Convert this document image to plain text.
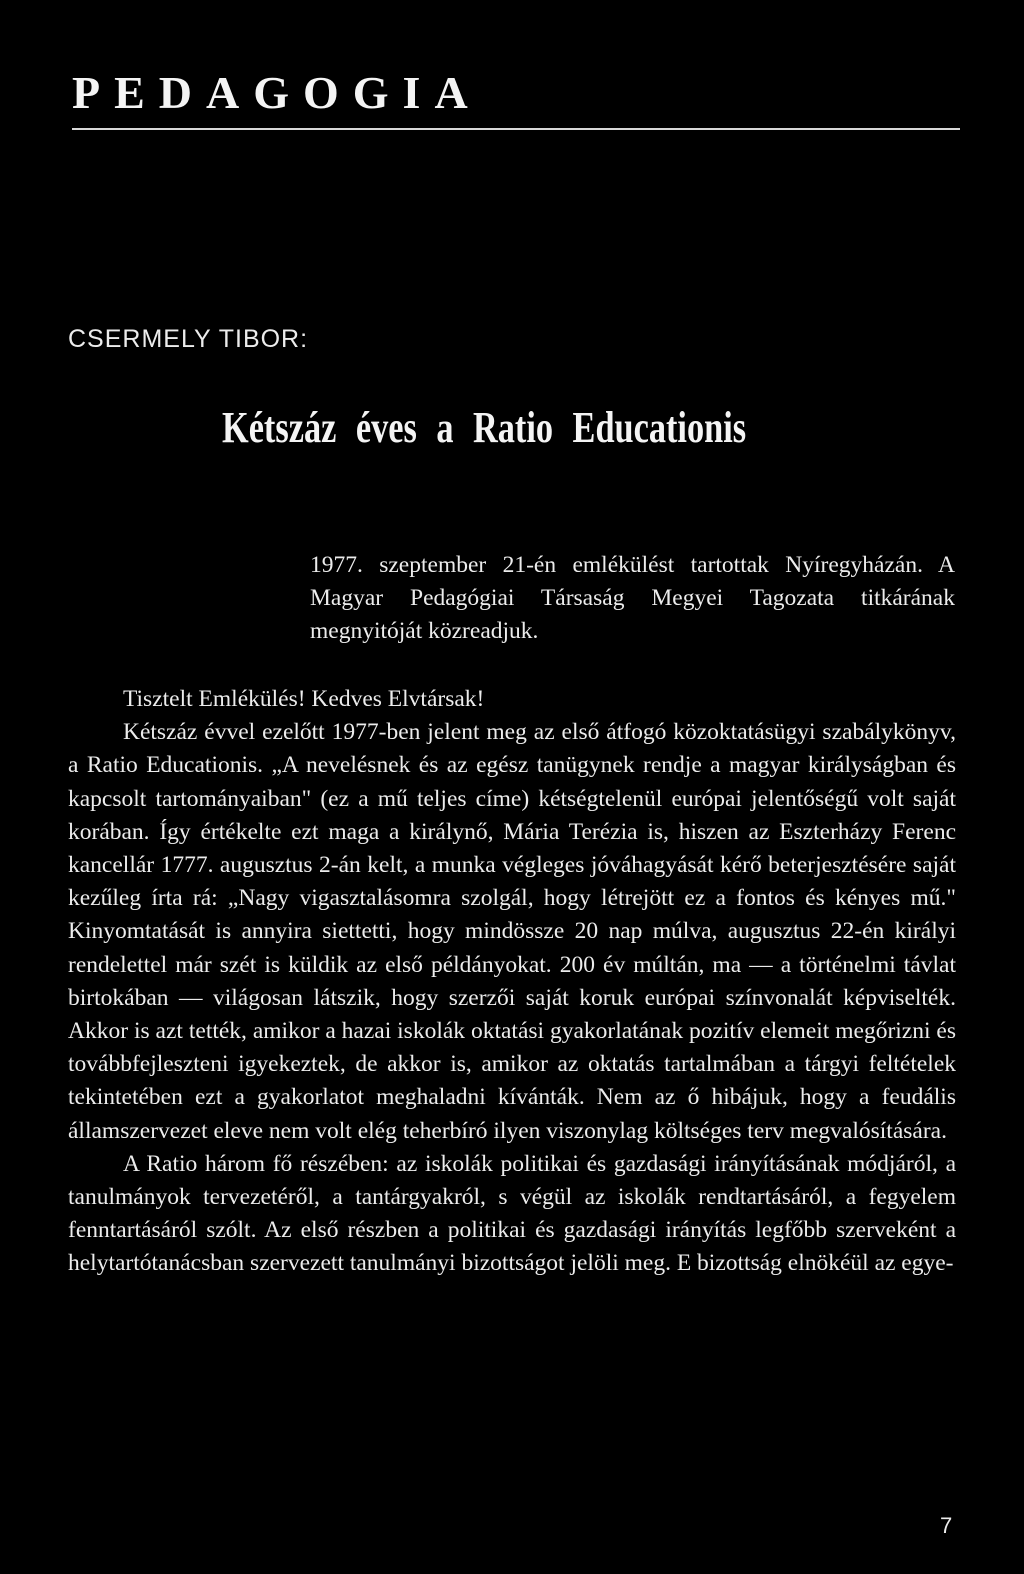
PEDAGOGIA

CSERMELY TIBOR:

Kétszáz éves a Ratio Educationis

1977. szeptember 21-én emlékülést tartottak Nyíregyházán. A Magyar Pedagógiai Társaság Megyei Tagozata titkárának megnyitóját közreadjuk.

Tisztelt Emlékülés! Kedves Elvtársak!

Kétszáz évvel ezelőtt 1977-ben jelent meg az első átfogó közoktatásügyi szabálykönyv, a Ratio Educationis. „A nevelésnek és az egész tanügynek rendje a magyar királyságban és kapcsolt tartományaiban" (ez a mű teljes címe) kétségtelenül európai jelentőségű volt saját korában. Így értékelte ezt maga a királynő, Mária Terézia is, hiszen az Eszterházy Ferenc kancellár 1777. augusztus 2-án kelt, a munka végleges jóváhagyását kérő beterjesztésére saját kezűleg írta rá: „Nagy vigasztalásomra szolgál, hogy létrejött ez a fontos és kényes mű." Kinyomtatását is annyira siettetti, hogy mindössze 20 nap múlva, augusztus 22-én királyi rendelettel már szét is küldik az első példányokat. 200 év múltán, ma — a történelmi távlat birtokában — világosan látszik, hogy szerzői saját koruk európai színvonalát képviselték. Akkor is azt tették, amikor a hazai iskolák oktatási gyakorlatának pozitív elemeit megőrizni és továbbfejleszteni igyekeztek, de akkor is, amikor az oktatás tartalmában a tárgyi feltételek tekintetében ezt a gyakorlatot meghaladni kívánták. Nem az ő hibájuk, hogy a feudális államszervezet eleve nem volt elég teherbíró ilyen viszonylag költséges terv megvalósítására.

A Ratio három fő részében: az iskolák politikai és gazdasági irányításának módjáról, a tanulmányok tervezetéről, a tantárgyakról, s végül az iskolák rendtartásáról, a fegyelem fenntartásáról szólt. Az első részben a politikai és gazdasági irányítás legfőbb szerveként a helytartótanácsban szervezett tanulmányi bizottságot jelöli meg. E bizottság elnökéül az egye-

7
